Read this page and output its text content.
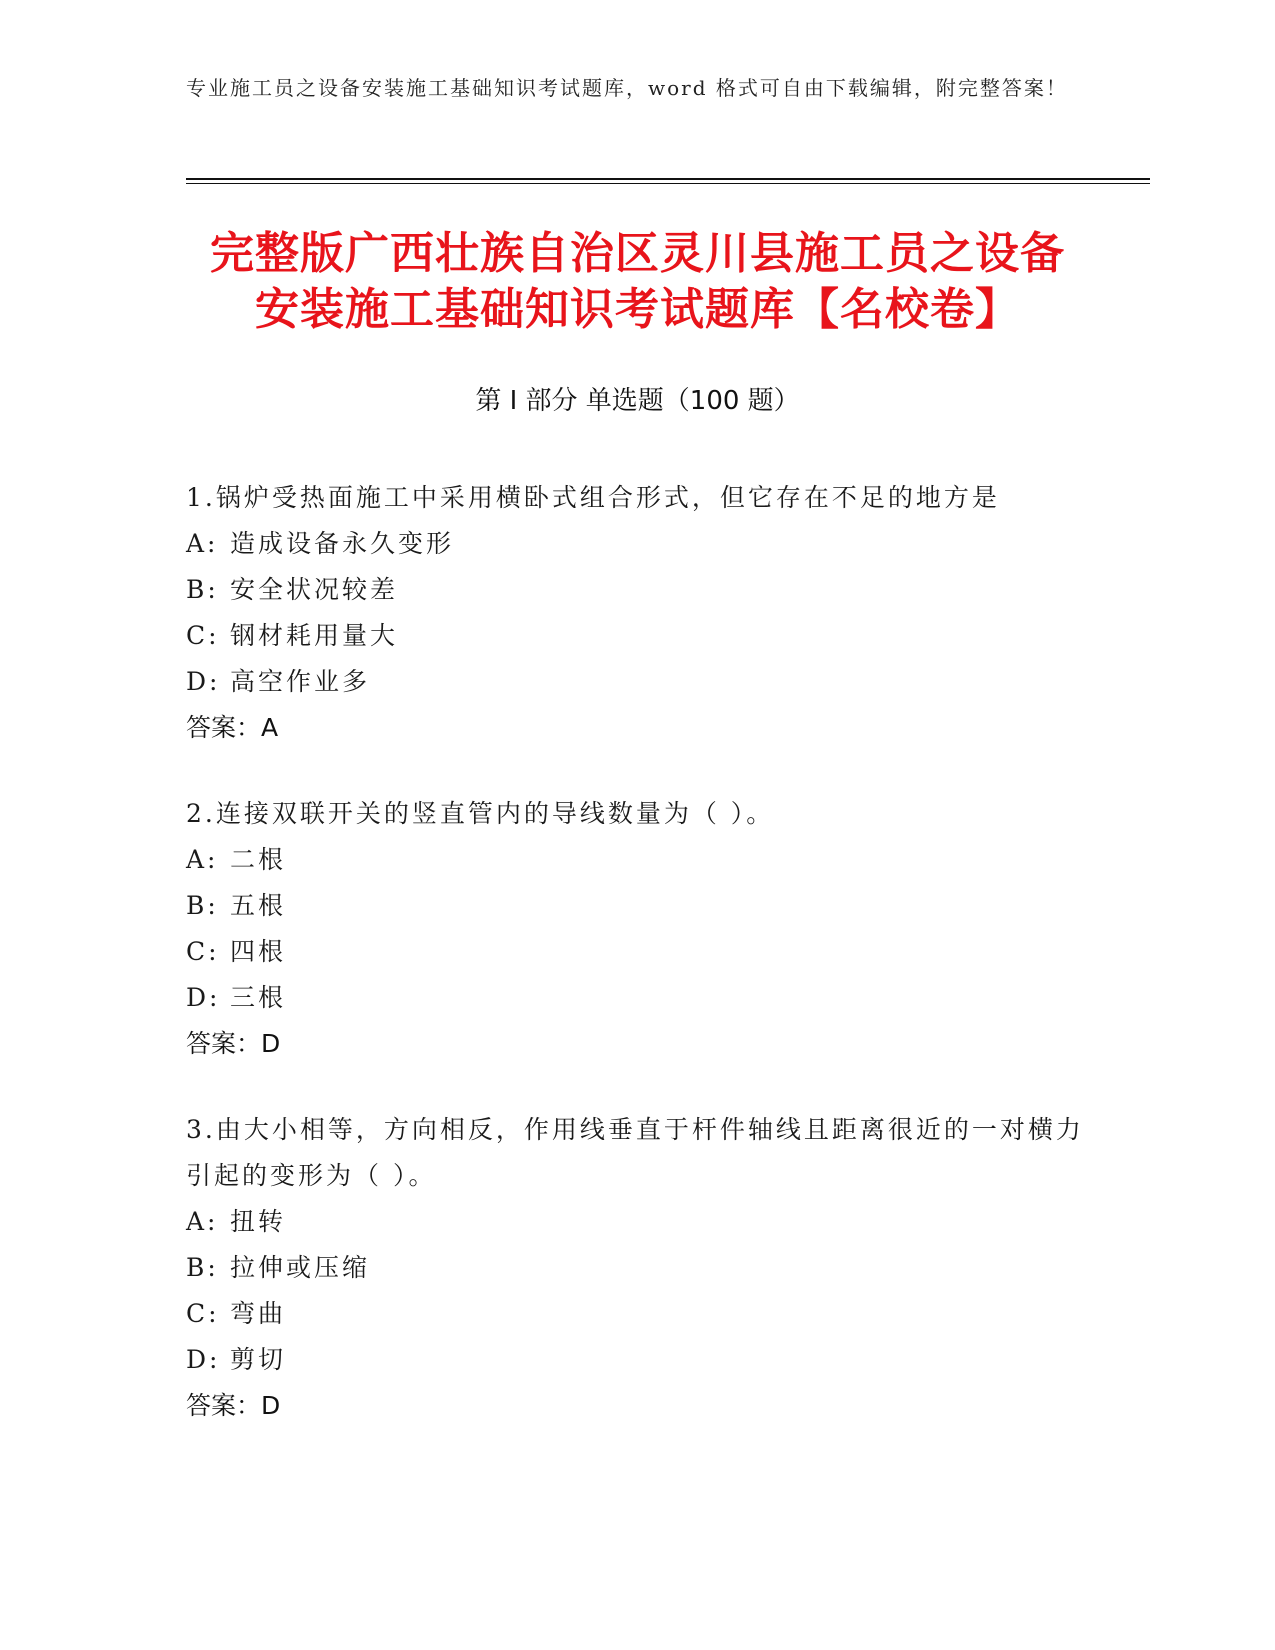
专业施工员之设备安装施工基础知识考试题库，word 格式可自由下载编辑，附完整答案！
完整版广西壮族自治区灵川县施工员之设备
安装施工基础知识考试题库【名校卷】
第 I 部分 单选题（100 题）
1.锅炉受热面施工中采用横卧式组合形式，但它存在不足的地方是
A: 造成设备永久变形
B: 安全状况较差
C: 钢材耗用量大
D: 高空作业多
答案：A
2.连接双联开关的竖直管内的导线数量为（ ）。
A: 二根
B: 五根
C: 四根
D: 三根
答案：D
3.由大小相等，方向相反，作用线垂直于杆件轴线且距离很近的一对横力引起的变形为（ ）。
A: 扭转
B: 拉伸或压缩
C: 弯曲
D: 剪切
答案：D
